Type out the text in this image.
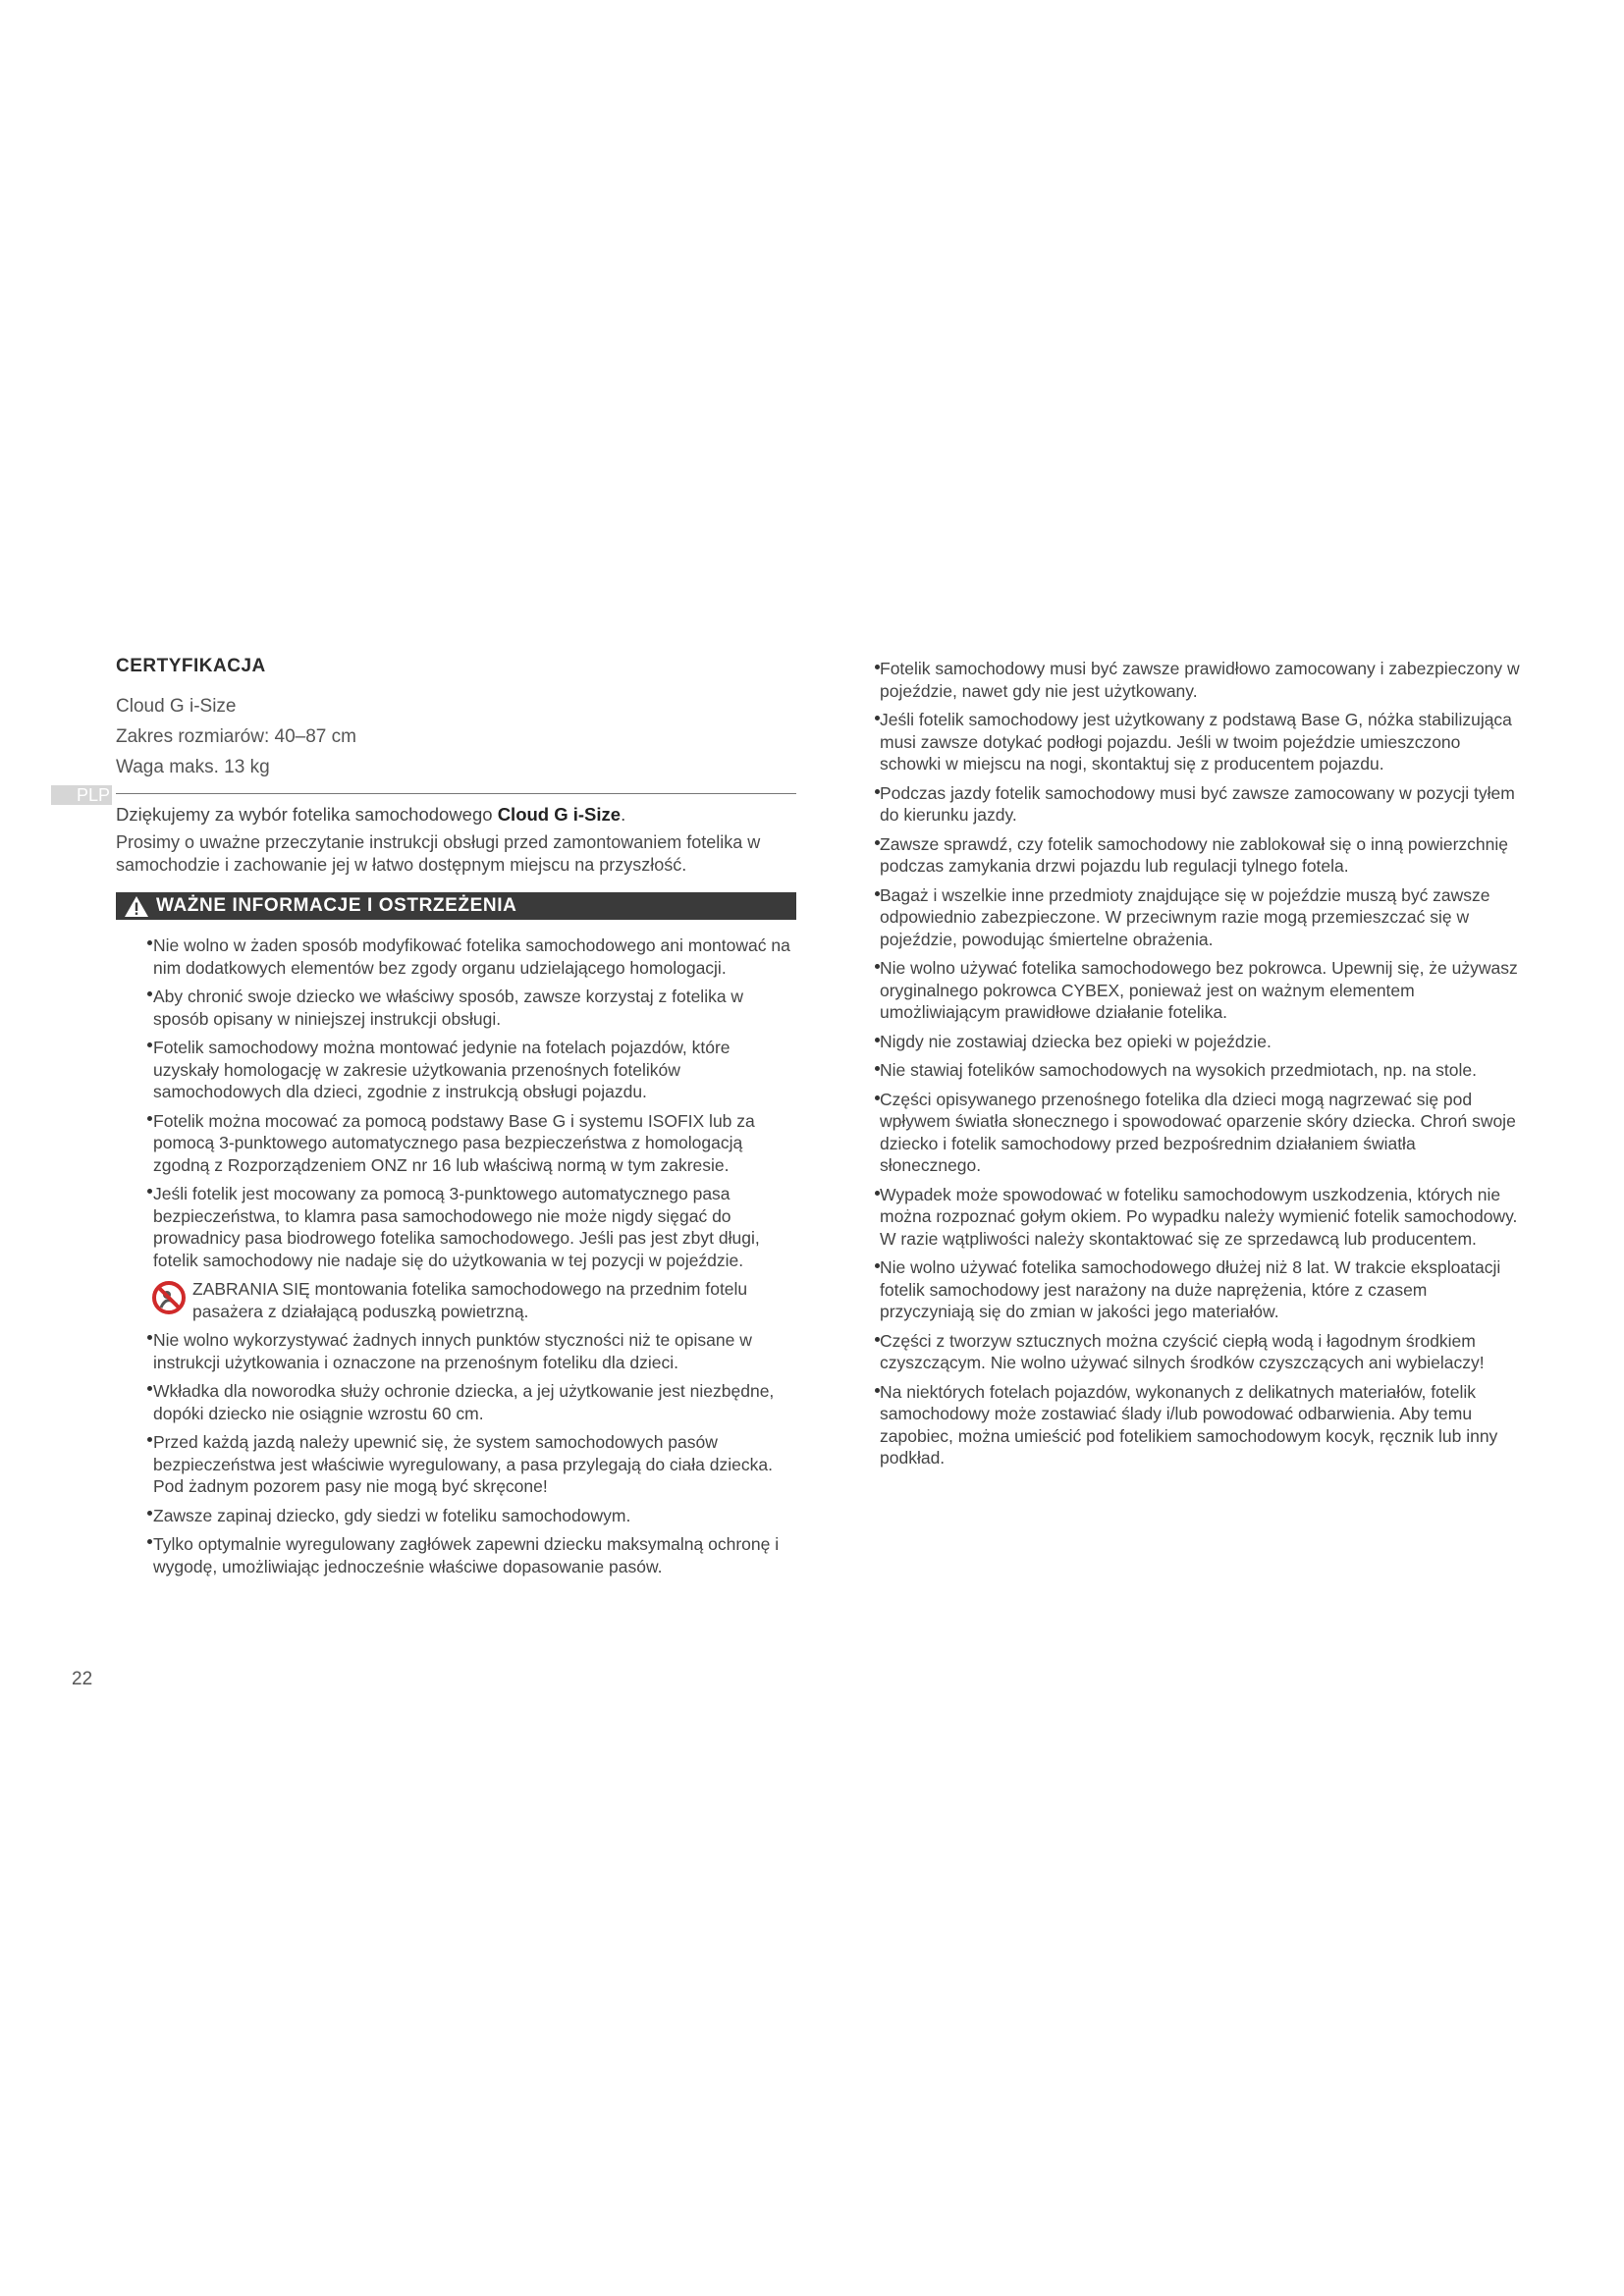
PLP
CERTYFIKACJA
Cloud G i-Size
Zakres rozmiarów: 40–87 cm
Waga maks. 13 kg
Dziękujemy za wybór fotelika samochodowego Cloud G i-Size.

Prosimy o uważne przeczytanie instrukcji obsługi przed zamontowaniem fotelika w samochodzie i zachowanie jej w łatwo dostępnym miejscu na przyszłość.

WAŻNE INFORMACJE I OSTRZEŻENIA
Nie wolno w żaden sposób modyfikować fotelika samochodowego ani montować na nim dodatkowych elementów bez zgody organu udzielającego homologacji.
Aby chronić swoje dziecko we właściwy sposób, zawsze korzystaj z fotelika w sposób opisany w niniejszej instrukcji obsługi.
Fotelik samochodowy można montować jedynie na fotelach pojazdów, które uzyskały homologację w zakresie użytkowania przenośnych fotelików samochodowych dla dzieci, zgodnie z instrukcją obsługi pojazdu.
Fotelik można mocować za pomocą podstawy Base G i systemu ISOFIX lub za pomocą 3-punktowego automatycznego pasa bezpieczeństwa z homologacją zgodną z Rozporządzeniem ONZ nr 16 lub właściwą normą w tym zakresie.
Jeśli fotelik jest mocowany za pomocą 3-punktowego automatycznego pasa bezpieczeństwa, to klamra pasa samochodowego nie może nigdy sięgać do prowadnicy pasa biodrowego fotelika samochodowego. Jeśli pas jest zbyt długi, fotelik samochodowy nie nadaje się do użytkowania w tej pozycji w pojeździe.
ZABRANIA SIĘ montowania fotelika samochodowego na przednim fotelu pasażera z działającą poduszką powietrzną.
Nie wolno wykorzystywać żadnych innych punktów styczności niż te opisane w instrukcji użytkowania i oznaczone na przenośnym foteliku dla dzieci.
Wkładka dla noworodka służy ochronie dziecka, a jej użytkowanie jest niezbędne, dopóki dziecko nie osiągnie wzrostu 60 cm.
Przed każdą jazdą należy upewnić się, że system samochodowych pasów bezpieczeństwa jest właściwie wyregulowany, a pasa przylegają do ciała dziecka. Pod żadnym pozorem pasy nie mogą być skręcone!
Zawsze zapinaj dziecko, gdy siedzi w foteliku samochodowym.
Tylko optymalnie wyregulowany zagłówek zapewni dziecku maksymalną ochronę i wygodę, umożliwiając jednocześnie właściwe dopasowanie pasów.
Fotelik samochodowy musi być zawsze prawidłowo zamocowany i zabezpieczony w pojeździe, nawet gdy nie jest użytkowany.
Jeśli fotelik samochodowy jest użytkowany z podstawą Base G, nóżka stabilizująca musi zawsze dotykać podłogi pojazdu. Jeśli w twoim pojeździe umieszczono schowki w miejscu na nogi, skontaktuj się z producentem pojazdu.
Podczas jazdy fotelik samochodowy musi być zawsze zamocowany w pozycji tyłem do kierunku jazdy.
Zawsze sprawdź, czy fotelik samochodowy nie zablokował się o inną powierzchnię podczas zamykania drzwi pojazdu lub regulacji tylnego fotela.
Bagaż i wszelkie inne przedmioty znajdujące się w pojeździe muszą być zawsze odpowiednio zabezpieczone. W przeciwnym razie mogą przemieszczać się w pojeździe, powodując śmiertelne obrażenia.
Nie wolno używać fotelika samochodowego bez pokrowca. Upewnij się, że używasz oryginalnego pokrowca CYBEX, ponieważ jest on ważnym elementem umożliwiającym prawidłowe działanie fotelika.
Nigdy nie zostawiaj dziecka bez opieki w pojeździe.
Nie stawiaj fotelików samochodowych na wysokich przedmiotach, np. na stole.
Części opisywanego przenośnego fotelika dla dzieci mogą nagrzewać się pod wpływem światła słonecznego i spowodować oparzenie skóry dziecka. Chroń swoje dziecko i fotelik samochodowy przed bezpośrednim działaniem światła słonecznego.
Wypadek może spowodować w foteliku samochodowym uszkodzenia, których nie można rozpoznać gołym okiem. Po wypadku należy wymienić fotelik samochodowy. W razie wątpliwości należy skontaktować się ze sprzedawcą lub producentem.
Nie wolno używać fotelika samochodowego dłużej niż 8 lat. W trakcie eksploatacji fotelik samochodowy jest narażony na duże naprężenia, które z czasem przyczyniają się do zmian w jakości jego materiałów.
Części z tworzyw sztucznych można czyścić ciepłą wodą i łagodnym środkiem czyszczącym. Nie wolno używać silnych środków czyszczących ani wybielaczy!
Na niektórych fotelach pojazdów, wykonanych z delikatnych materiałów, fotelik samochodowy może zostawiać ślady i/lub powodować odbarwienia. Aby temu zapobiec, można umieścić pod fotelikiem samochodowym kocyk, ręcznik lub inny podkład.
22
